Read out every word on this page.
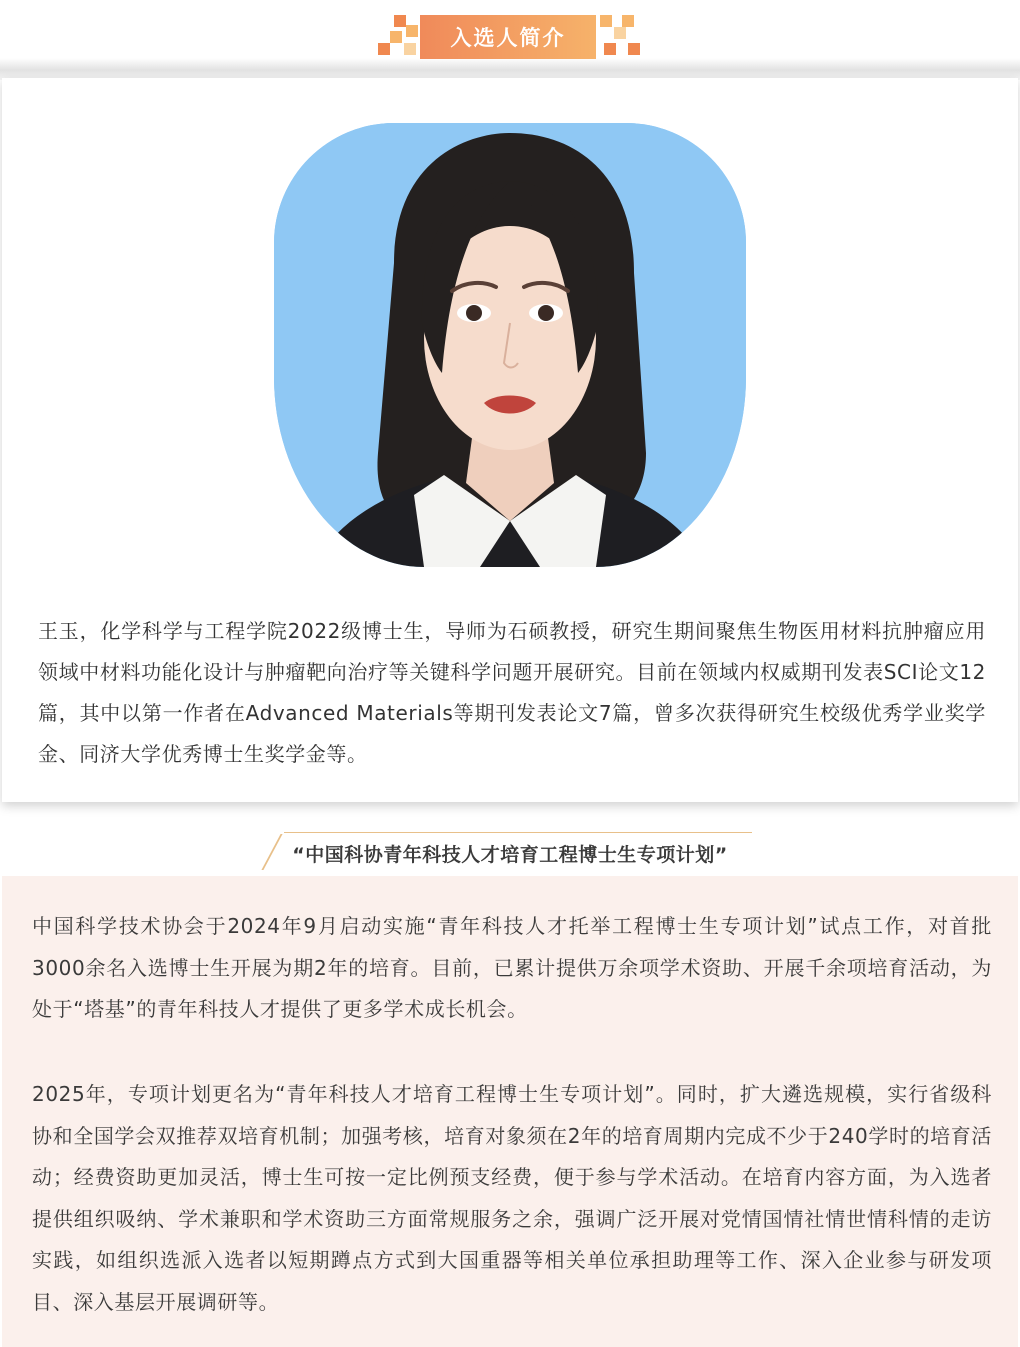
入选人简介

王玉，化学科学与工程学院2022级博士生，导师为石硕教授，研究生期间聚焦生物医用材料抗肿瘤应用领域中材料功能化设计与肿瘤靶向治疗等关键科学问题开展研究。目前在领域内权威期刊发表SCI论文12篇，其中以第一作者在Advanced Materials等期刊发表论文7篇，曾多次获得研究生校级优秀学业奖学金、同济大学优秀博士生奖学金等。

“中国科协青年科技人才培育工程博士生专项计划”

中国科学技术协会于2024年9月启动实施“青年科技人才托举工程博士生专项计划”试点工作，对首批3000余名入选博士生开展为期2年的培育。目前，已累计提供万余项学术资助、开展千余项培育活动，为处于“塔基”的青年科技人才提供了更多学术成长机会。

2025年，专项计划更名为“青年科技人才培育工程博士生专项计划”。同时，扩大遴选规模，实行省级科协和全国学会双推荐双培育机制；加强考核，培育对象须在2年的培育周期内完成不少于240学时的培育活动；经费资助更加灵活，博士生可按一定比例预支经费，便于参与学术活动。在培育内容方面，为入选者提供组织吸纳、学术兼职和学术资助三方面常规服务之余，强调广泛开展对党情国情社情世情科情的走访实践，如组织选派入选者以短期蹲点方式到大国重器等相关单位承担助理等工作、深入企业参与研发项目、深入基层开展调研等。
